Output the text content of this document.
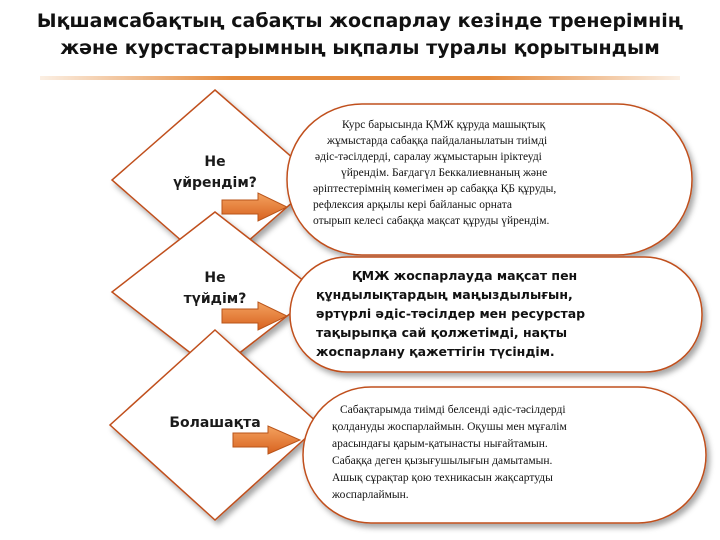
Ықшамсабақтың сабақты жоспарлау кезінде тренерімнің
және курстастарымның ықпалы туралы қорытындым
Не
үйрендім?
Не
түйдім?
Болашақта
Курс барысында ҚМЖ құруда машықтық
жұмыстарда сабаққа пайдаланылатын тиімді
әдіс-тәсілдерді, саралау жұмыстарын іріктеуді
үйрендім. Бағдагүл Беккалиевнаның және
әріптестерімнің көмегімен әр сабаққа ҚБ құруды,
рефлексия арқылы кері байланыс орната
отырып келесі сабаққа мақсат құруды үйрендім.
ҚМЖ жоспарлауда мақсат пен
құндылықтардың маңыздылығын,
әртүрлі әдіс-тәсілдер мен ресурстар
тақырыпқа сай қолжетімді, нақты
жоспарлану қажеттігін түсіндім.
Сабақтарымда тиімді белсенді әдіс-тәсілдерді
қолдануды жоспарлаймын. Оқушы мен мұғалім
арасындағы қарым-қатынасты нығайтамын.
Сабаққа деген қызығушылығын дамытамын.
Ашық сұрақтар қою техникасын жақсартуды
жоспарлаймын.
